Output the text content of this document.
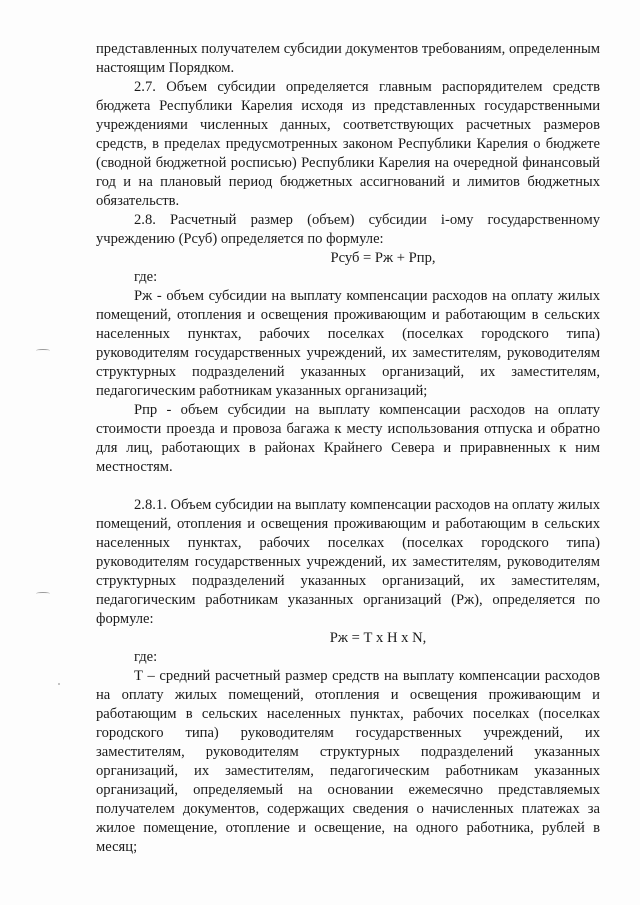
представленных получателем субсидии документов требованиям, определенным настоящим Порядком.

2.7. Объем субсидии определяется главным распорядителем средств бюджета Республики Карелия исходя из представленных государственными учреждениями численных данных, соответствующих расчетных размеров средств, в пределах предусмотренных законом Республики Карелия о бюджете (сводной бюджетной росписью) Республики Карелия на очередной финансовый год и на плановый период бюджетных ассигнований и лимитов бюджетных обязательств.

2.8. Расчетный размер (объем) субсидии i-ому государственному учреждению (Рсуб) определяется по формуле:

Рсуб = Рж + Рпр,

где:

Рж - объем субсидии на выплату компенсации расходов на оплату жилых помещений, отопления и освещения проживающим и работающим в сельских населенных пунктах, рабочих поселках (поселках городского типа) руководителям государственных учреждений, их заместителям, руководителям структурных подразделений указанных организаций, их заместителям, педагогическим работникам указанных организаций;

Рпр - объем субсидии на выплату компенсации расходов на оплату стоимости проезда и провоза багажа к месту использования отпуска и обратно для лиц, работающих в районах Крайнего Севера и приравненных к ним местностям.

2.8.1. Объем субсидии на выплату компенсации расходов на оплату жилых помещений, отопления и освещения проживающим и работающим в сельских населенных пунктах, рабочих поселках (поселках городского типа) руководителям государственных учреждений, их заместителям, руководителям структурных подразделений указанных организаций, их заместителям, педагогическим работникам указанных организаций (Рж), определяется по формуле:

Рж = Т x Н x N,

где:

Т – средний расчетный размер средств на выплату компенсации расходов на оплату жилых помещений, отопления и освещения проживающим и работающим в сельских населенных пунктах, рабочих поселках (поселках городского типа) руководителям государственных учреждений, их заместителям, руководителям структурных подразделений указанных организаций, их заместителям, педагогическим работникам указанных организаций, определяемый на основании ежемесячно представляемых получателем документов, содержащих сведения о начисленных платежах за жилое помещение, отопление и освещение, на одного работника, рублей в месяц;
